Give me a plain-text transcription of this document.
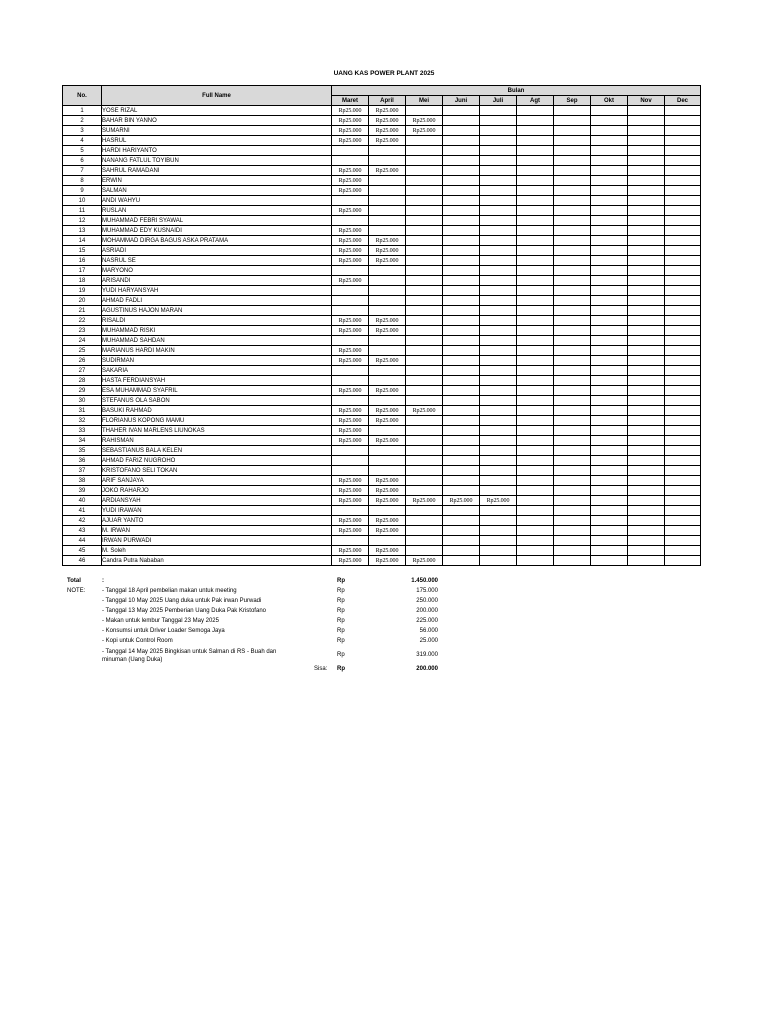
UANG KAS POWER PLANT 2025
No.	Full Name	Bulan									
		Maret	April	Mei	Juni	Juli	Agt	Sep	Okt	Nov	Dec
1	YOSE RIZAL	Rp25.000	Rp25.000								
2	BAHAR BIN YANNO	Rp25.000	Rp25.000	Rp25.000							
3	SUMARNI	Rp25.000	Rp25.000	Rp25.000							
4	HASRUL	Rp25.000	Rp25.000								
5	HARDI HARIYANTO										
6	NANANG FATLUL TOYIBUN										
7	SAHRUL RAMADANI	Rp25.000	Rp25.000								
8	ERWIN	Rp25.000									
9	SALMAN	Rp25.000									
10	ANDI WAHYU										
11	RUSLAN	Rp25.000									
12	MUHAMMAD FEBRI SYAWAL										
13	MUHAMMAD EDY KUSNAIDI	Rp25.000									
14	MOHAMMAD DIRGA BAGUS ASKA PRATAMA	Rp25.000	Rp25.000								
15	ASRIADI	Rp25.000	Rp25.000								
16	NASRUL SE	Rp25.000	Rp25.000								
17	MARYONO										
18	ARISANDI	Rp25.000									
19	YUDI HARYANSYAH										
20	AHMAD FADLI										
21	AGUSTINUS HAJON MARAN										
22	RISALDI	Rp25.000	Rp25.000								
23	MUHAMMAD RISKI	Rp25.000	Rp25.000								
24	MUHAMMAD SAHDAN										
25	MARIANUS HARDI MAKIN	Rp25.000									
26	SUDIRMAN	Rp25.000	Rp25.000								
27	SAKARIA										
28	HASTA FERDIANSYAH										
29	ESA MUHAMMAD SYAFRIL	Rp25.000	Rp25.000								
30	STEFANUS OLA SABON										
31	BASUKI RAHMAD	Rp25.000	Rp25.000	Rp25.000							
32	FLORIANUS KOPONG MAMU	Rp25.000	Rp25.000								
33	THAHER IVAN MARLENS LIUNOKAS	Rp25.000									
34	RAHISMAN	Rp25.000	Rp25.000								
35	SEBASTIANUS BALA KELEN										
36	AHMAD FARIZ NUGROHO										
37	KRISTOFANO SELI TOKAN										
38	ARIF SANJAYA	Rp25.000	Rp25.000								
39	JOKO RAHARJO	Rp25.000	Rp25.000								
40	ARDIANSYAH	Rp25.000	Rp25.000	Rp25.000	Rp25.000	Rp25.000					
41	YUDI IRAWAN										
42	AJUAR YANTO	Rp25.000	Rp25.000								
43	M. IRWAN	Rp25.000	Rp25.000								
44	IRWAN PURWADI										
45	M. Soleh	Rp25.000	Rp25.000								
46	Candra Putra Nababan	Rp25.000	Rp25.000	Rp25.000							
Total	:	Rp	1.450.000
NOTE:	- Tanggal 18 April pembelian makan untuk meeting	Rp	175.000
- Tanggal 10 May 2025 Uang duka untuk Pak irwan Purwadi	Rp	250.000
- Tanggal 13 May 2025 Pemberian Uang Duka Pak Kristofano	Rp	200.000
- Makan untuk lembur Tanggal 23 May 2025	Rp	225.000
- Konsumsi untuk Driver Loader Semoga Jaya	Rp	56.000
- Kopi untuk Control Room	Rp	25.000
- Tanggal 14 May 2025 Bingkisan untuk Salman di RS - Buah dan minuman (Uang Duka)
Rp	319.000
Sisa: Rp	200.000
